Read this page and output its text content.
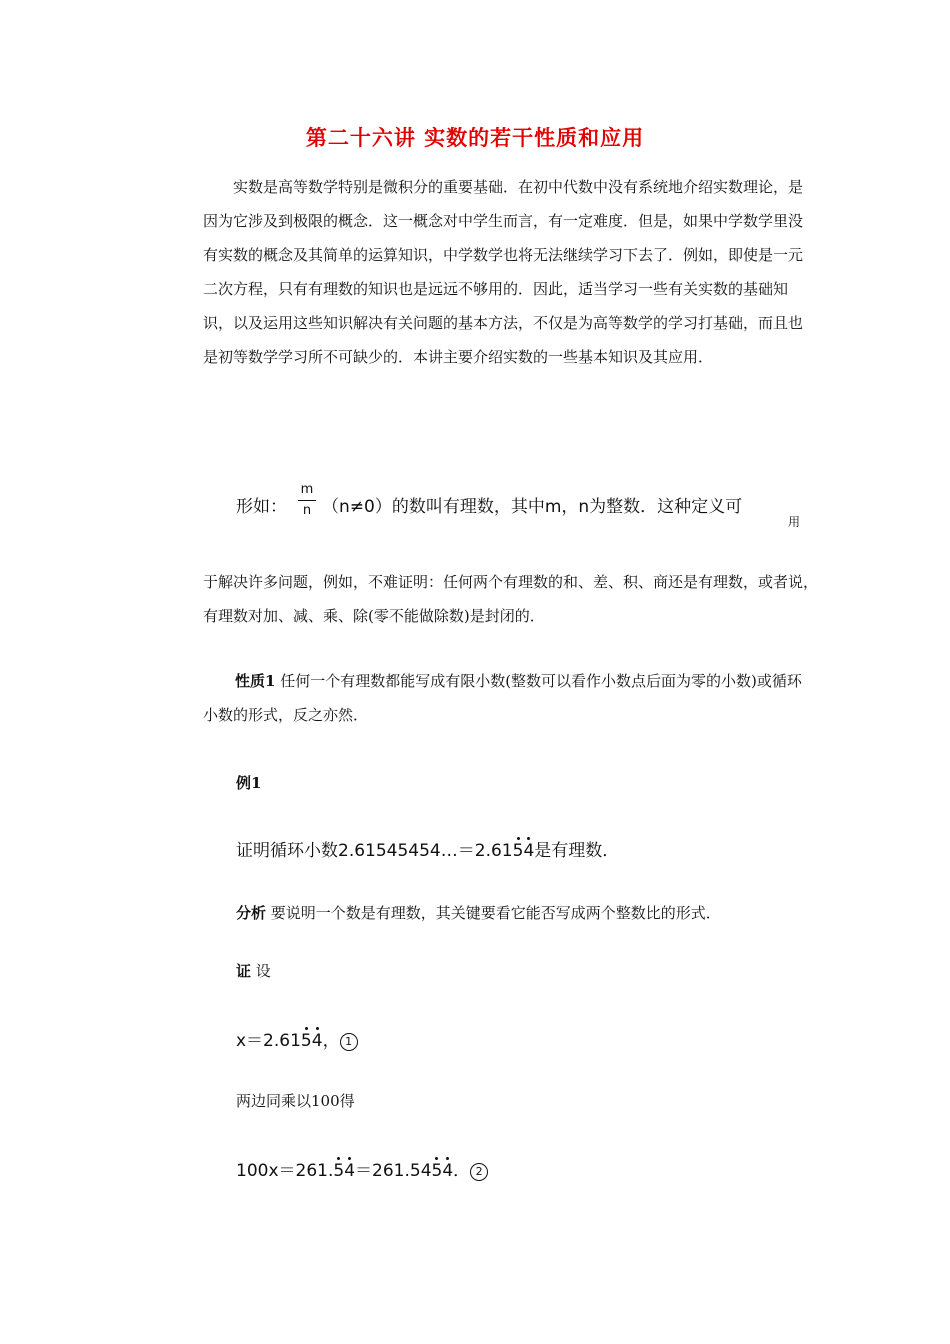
第二十六讲 实数的若干性质和应用

实数是高等数学特别是微积分的重要基础．在初中代数中没有系统地介绍实数理论，是因为它涉及到极限的概念．这一概念对中学生而言，有一定难度．但是，如果中学数学里没有实数的概念及其简单的运算知识，中学数学也将无法继续学习下去了．例如，即使是一元二次方程，只有有理数的知识也是远远不够用的．因此，适当学习一些有关实数的基础知识，以及运用这些知识解决有关问题的基本方法，不仅是为高等数学的学习打基础，而且也是初等数学学习所不可缺少的．本讲主要介绍实数的一些基本知识及其应用．

形如：
m
n （n≠0）的数叫有理数，其中m，n为整数．这种定义可
用

于解决许多问题，例如，不难证明：任何两个有理数的和、差、积、商还是有理数，或者说，有理数对加、减、乘、除(零不能做除数)是封闭的．

性质1 任何一个有理数都能写成有限小数(整数可以看作小数点后面为零的小数)或循环小数的形式，反之亦然．

例1
证明循环小数2.61545454…＝2.6154是有理数．
分析 要说明一个数是有理数，其关键要看它能否写成两个整数比的形式．
证 设
x＝2.6154， 1
两边同乘以100得
100x＝261.54＝261.5454． 2
